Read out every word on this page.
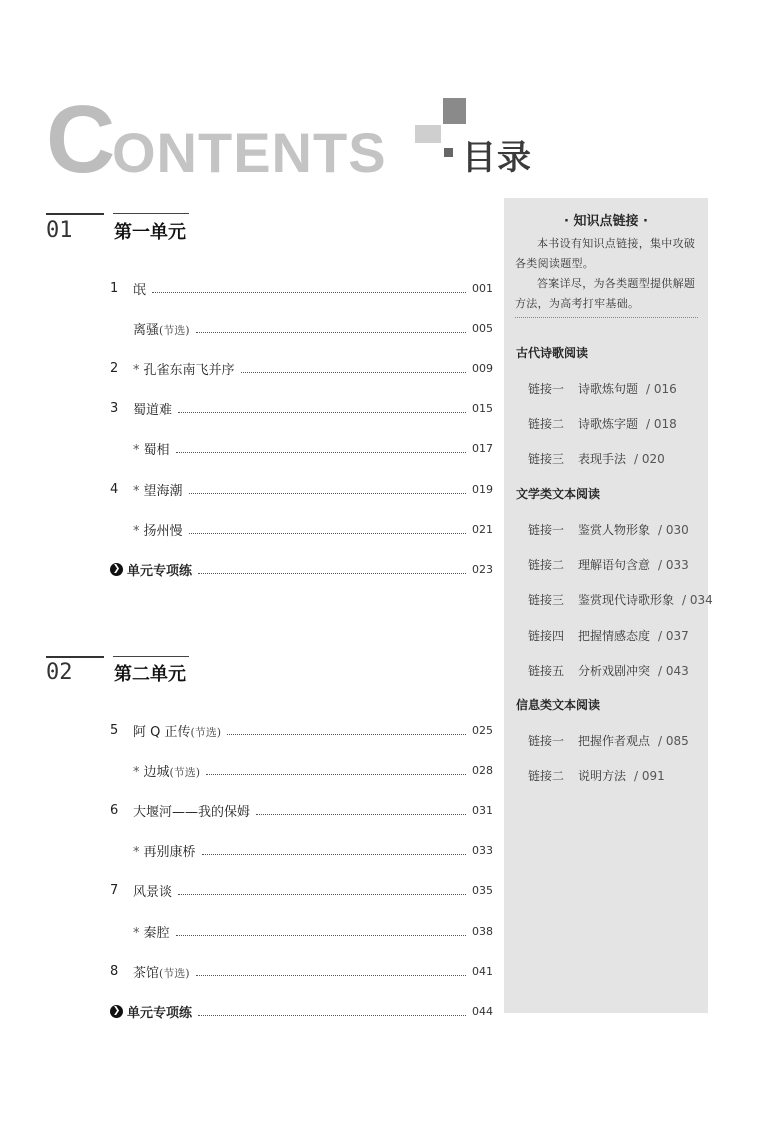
C
ONTENTS 目录
01 第一单元
1	氓	001
离骚(节选)	005
2	* 孔雀东南飞并序	009
3	蜀道难	015
* 蜀相	017
4	* 望海潮	019
* 扬州慢	021
❯ 单元专项练	023
02 第二单元
5	阿 Q 正传(节选)	025
* 边城(节选)	028
6	大堰河——我的保姆	031
* 再别康桥	033
7	风景谈	035
* 秦腔	038
8	茶馆(节选)	041
❯ 单元专项练	044
· 知识点链接 ·
本书设有知识点链接，集中攻破各类阅读题型。
答案详尽，为各类题型提供解题方法，为高考打牢基础。
古代诗歌阅读
链接一 诗歌炼句题 / 016
链接二 诗歌炼字题 / 018
链接三 表现手法 / 020
文学类文本阅读
链接一 鉴赏人物形象 / 030
链接二 理解语句含意 / 033
链接三 鉴赏现代诗歌形象 / 034
链接四 把握情感态度 / 037
链接五 分析戏剧冲突 / 043
信息类文本阅读
链接一 把握作者观点 / 085
链接二 说明方法 / 091
